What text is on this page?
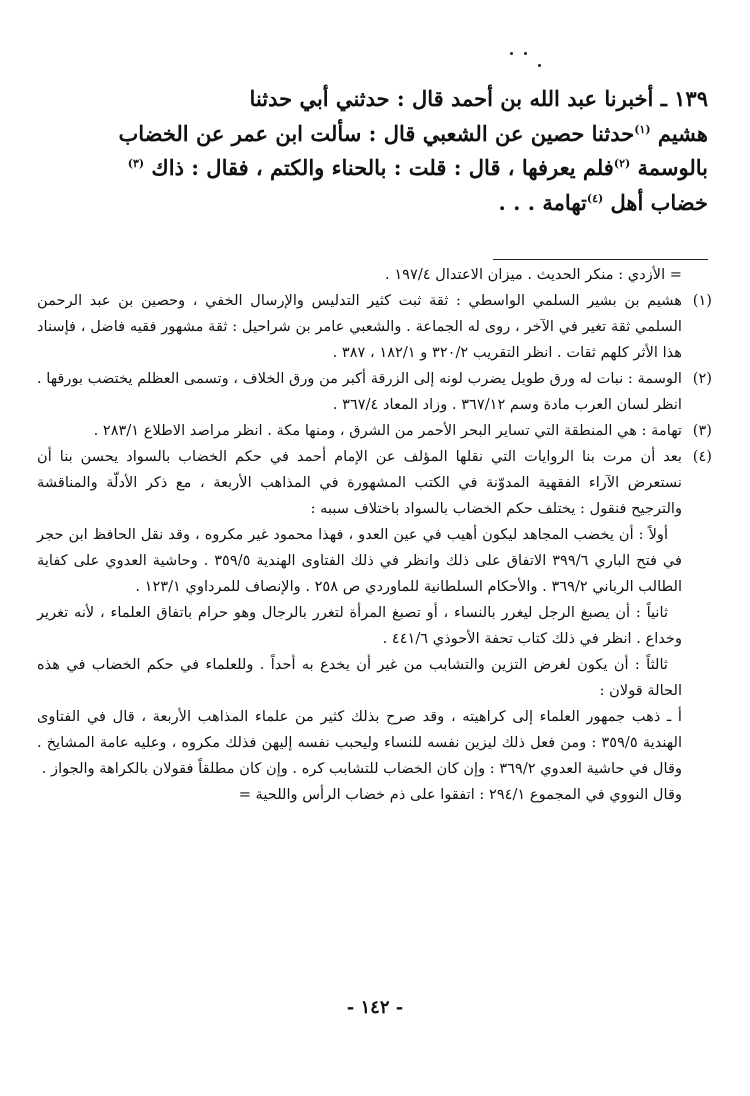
١٣٩ ـ أخبرنا عبد الله بن أحمد قال : حدثني أبي حدثنا

هشيم $^{(١)}$حدثنا حصين عن الشعبي قال : سألت ابن عمر عن الخضاب

بالوسمة $^{(٢)}$فلم يعرفها ، قال : قلت : بالحناء والكتم ، فقال : ذاك $^{(٣)}$

خضاب أهل $^{(٤)}$تهامة . . .

= الأزدي : منكر الحديث . ميزان الاعتدال ١٩٧/٤ .
(١)
هشيم بن بشير السلمي الواسطي : ثقة ثبت كثير التدليس والإرسال الخفي ، وحصين بن عبد الرحمن السلمي ثقة تغير في الآخر ، روى له الجماعة . والشعبي عامر بن شراحيل : ثقة مشهور فقيه فاضل ، فإسناد هذا الأثر كلهم ثقات . انظر التقريب ٣٢٠/٢ و ١٨٢/١ ، ٣٨٧ .
(٢)
الوسمة : نبات له ورق طويل يضرب لونه إلى الزرقة أكبر من ورق الخلاف ، وتسمى العظلم يختضب بورقها . انظر لسان العرب مادة وسم ٣٦٧/١٢ . وزاد المعاد ٣٦٧/٤ .
(٣)
تهامة : هي المنطقة التي تساير البحر الأحمر من الشرق ، ومنها مكة . انظر مراصد الاطلاع ٢٨٣/١ .
(٤)

بعد أن مرت بنا الروايات التي نقلها المؤلف عن الإمام أحمد في حكم الخضاب بالسواد يحسن بنا أن نستعرض الآراء الفقهية المدوّنة في الكتب المشهورة في المذاهب الأربعة ، مع ذكر الأدلّة والمناقشة والترجيح فنقول : يختلف حكم الخضاب بالسواد باختلاف سببه :

أولاً : أن يخضب المجاهد ليكون أهيب في عين العدو ، فهذا محمود غير مكروه ، وقد نقل الحافظ ابن حجر في فتح الباري ٣٩٩/٦ الاتفاق على ذلك وانظر في ذلك الفتاوى الهندية ٣٥٩/٥ . وحاشية العدوي على كفاية الطالب الرباني ٣٦٩/٢ . والأحكام السلطانية للماوردي ص ٢٥٨ . والإنصاف للمرداوي ١٢٣/١ .

ثانياً : أن يصبغ الرجل ليغرر بالنساء ، أو تصبغ المرأة لتغرر بالرجال وهو حرام باتفاق العلماء ، لأنه تغرير وخداع . انظر في ذلك كتاب تحفة الأحوذي ٤٤١/٦ .

ثالثاً : أن يكون لغرض التزين والتشابب من غير أن يخدع به أحداً . وللعلماء في حكم الخضاب في هذه الحالة قولان :

أ ـ ذهب جمهور العلماء إلى كراهيته ، وقد صرح بذلك كثير من علماء المذاهب الأربعة ، قال في الفتاوى الهندية ٣٥٩/٥ : ومن فعل ذلك ليزين نفسه للنساء وليحبب نفسه إليهن فذلك مكروه ، وعليه عامة المشايخ . وقال في حاشية العدوي ٣٦٩/٢ : وإن كان الخضاب للتشابب كره . وإن كان مطلقاً فقولان بالكراهة والجواز .

وقال النووي في المجموع ٢٩٤/١ : اتفقوا على ذم خضاب الرأس واللحية =

- ١٤٢ -
